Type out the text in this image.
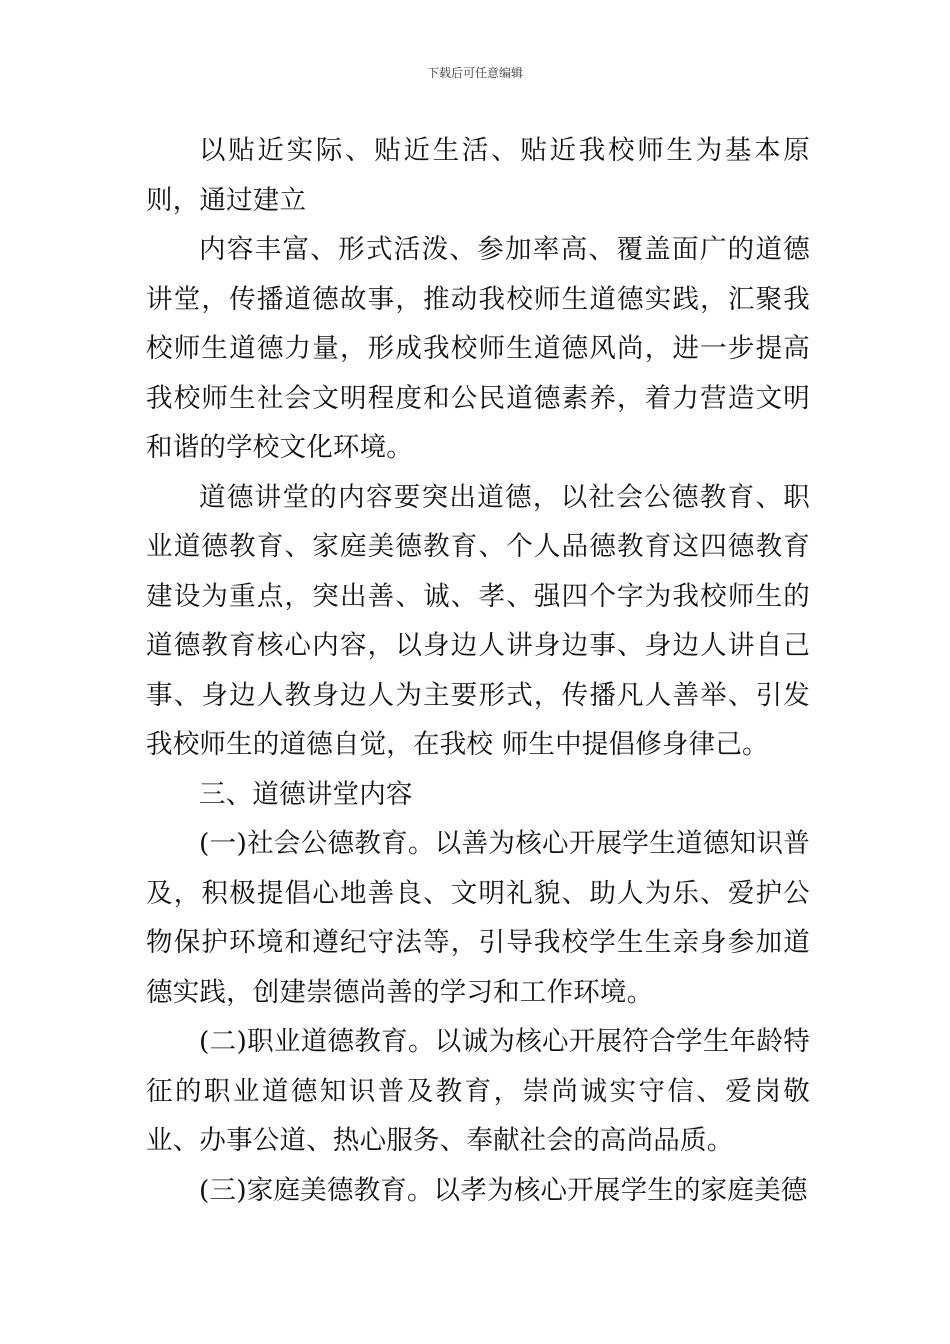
下载后可任意编辑

以贴近实际、贴近生活、贴近我校师生为基本原则，通过建立

内容丰富、形式活泼、参加率高、覆盖面广的道德讲堂，传播道德故事，推动我校师生道德实践，汇聚我校师生道德力量，形成我校师生道德风尚，进一步提高我校师生社会文明程度和公民道德素养，着力营造文明和谐的学校文化环境。

道德讲堂的内容要突出道德，以社会公德教育、职业道德教育、家庭美德教育、个人品德教育这四德教育建设为重点，突出善、诚、孝、强四个字为我校师生的道德教育核心内容，以身边人讲身边事、身边人讲自己事、身边人教身边人为主要形式，传播凡人善举、引发我校师生的道德自觉，在我校 师生中提倡修身律己。

三、道德讲堂内容

(一)社会公德教育。以善为核心开展学生道德知识普及，积极提倡心地善良、文明礼貌、助人为乐、爱护公物保护环境和遵纪守法等，引导我校学生生亲身参加道德实践，创建崇德尚善的学习和工作环境。

(二)职业道德教育。以诚为核心开展符合学生年龄特征的职业道德知识普及教育，崇尚诚实守信、爱岗敬业、办事公道、热心服务、奉献社会的高尚品质。

(三)家庭美德教育。以孝为核心开展学生的家庭美德
